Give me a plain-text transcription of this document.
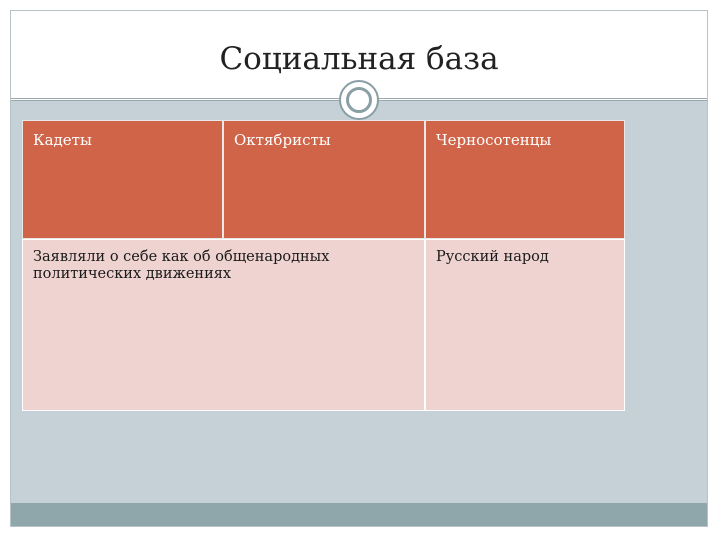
Социальная база
Кадеты	Октябристы	Черносотенцы
Заявляли о себе как об общенародных политических движениях
Русский народ
